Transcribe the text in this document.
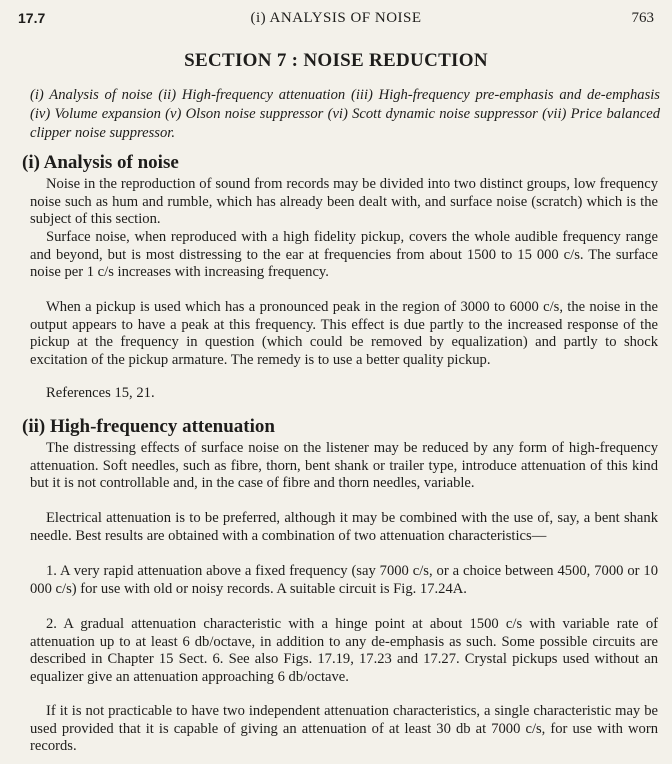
17.7	(i) ANALYSIS OF NOISE	763
SECTION 7 : NOISE REDUCTION
(i) Analysis of noise (ii) High-frequency attenuation (iii) High-frequency pre-emphasis and de-emphasis (iv) Volume expansion (v) Olson noise suppressor (vi) Scott dynamic noise suppressor (vii) Price balanced clipper noise suppressor.
(i) Analysis of noise

Noise in the reproduction of sound from records may be divided into two distinct groups, low frequency noise such as hum and rumble, which has already been dealt with, and surface noise (scratch) which is the subject of this section.

Surface noise, when reproduced with a high fidelity pickup, covers the whole audible frequency range and beyond, but is most distressing to the ear at frequencies from about 1500 to 15 000 c/s. The surface noise per 1 c/s increases with increasing frequency.

When a pickup is used which has a pronounced peak in the region of 3000 to 6000 c/s, the noise in the output appears to have a peak at this frequency. This effect is due partly to the increased response of the pickup at the frequency in question (which could be removed by equalization) and partly to shock excitation of the pickup armature. The remedy is to use a better quality pickup.

References 15, 21.

(ii) High-frequency attenuation

The distressing effects of surface noise on the listener may be reduced by any form of high-frequency attenuation. Soft needles, such as fibre, thorn, bent shank or trailer type, introduce attenuation of this kind but it is not controllable and, in the case of fibre and thorn needles, variable.

Electrical attenuation is to be preferred, although it may be combined with the use of, say, a bent shank needle. Best results are obtained with a combination of two attenuation characteristics—

1. A very rapid attenuation above a fixed frequency (say 7000 c/s, or a choice between 4500, 7000 or 10 000 c/s) for use with old or noisy records. A suitable circuit is Fig. 17.24A.

2. A gradual attenuation characteristic with a hinge point at about 1500 c/s with variable rate of attenuation up to at least 6 db/octave, in addition to any de-emphasis as such. Some possible circuits are described in Chapter 15 Sect. 6. See also Figs. 17.19, 17.23 and 17.27. Crystal pickups used without an equalizer give an attenuation approaching 6 db/octave.

If it is not practicable to have two independent attenuation characteristics, a single characteristic may be used provided that it is capable of giving an attenuation of at least 30 db at 7000 c/s, for use with worn records.
